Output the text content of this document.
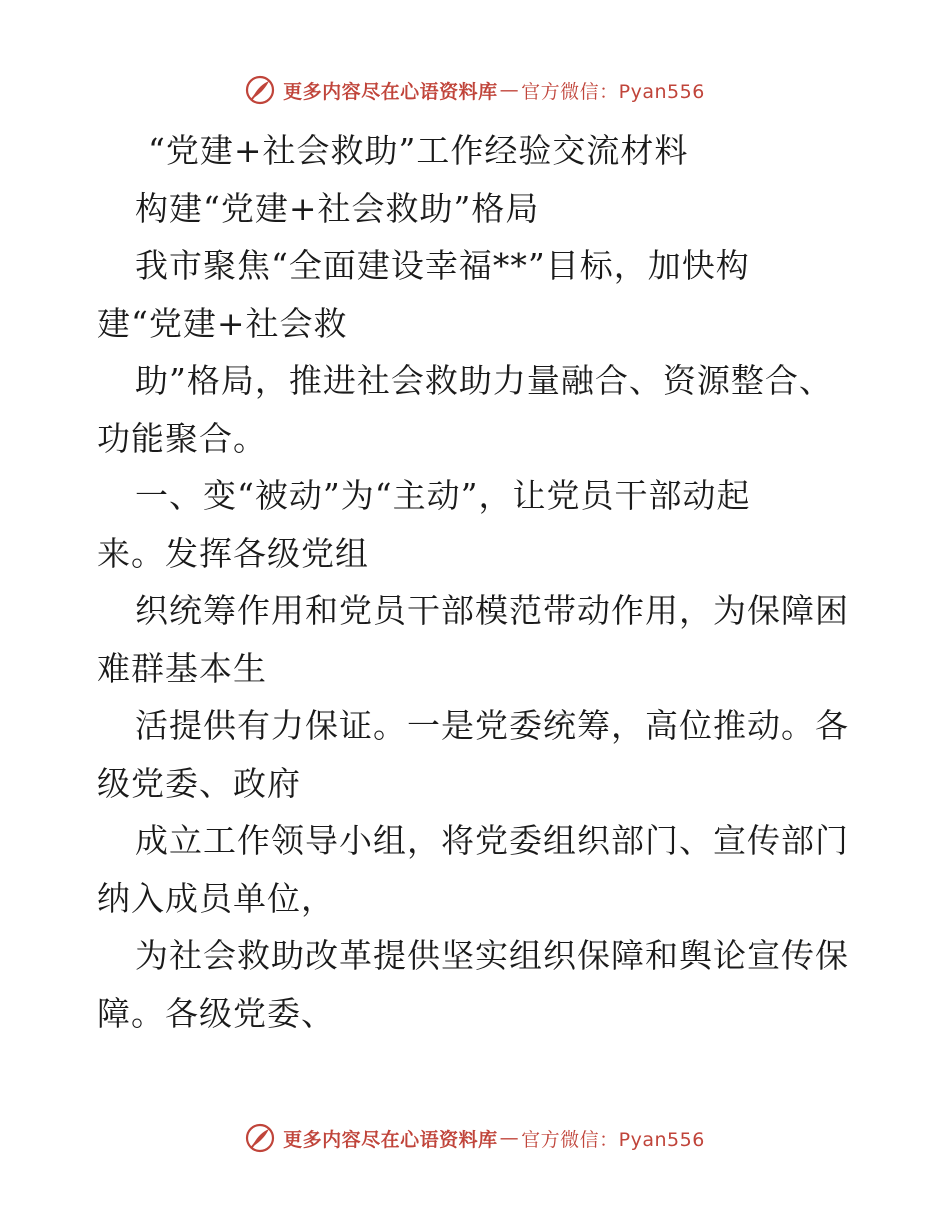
更多内容尽在心语资料库 — 官方微信：Pyan556
“党建+社会救助”工作经验交流材料
构建“党建+社会救助”格局
我市聚焦“全面建设幸福**”目标，加快构
建“党建+社会救
助”格局，推进社会救助力量融合、资源整合、
功能聚合。
一、变“被动”为“主动”，让党员干部动起
来。发挥各级党组
织统筹作用和党员干部模范带动作用，为保障困
难群基本生
活提供有力保证。一是党委统筹，高位推动。各
级党委、政府
成立工作领导小组，将党委组织部门、宣传部门
纳入成员单位，
为社会救助改革提供坚实组织保障和舆论宣传保
障。各级党委、
更多内容尽在心语资料库 — 官方微信：Pyan556
